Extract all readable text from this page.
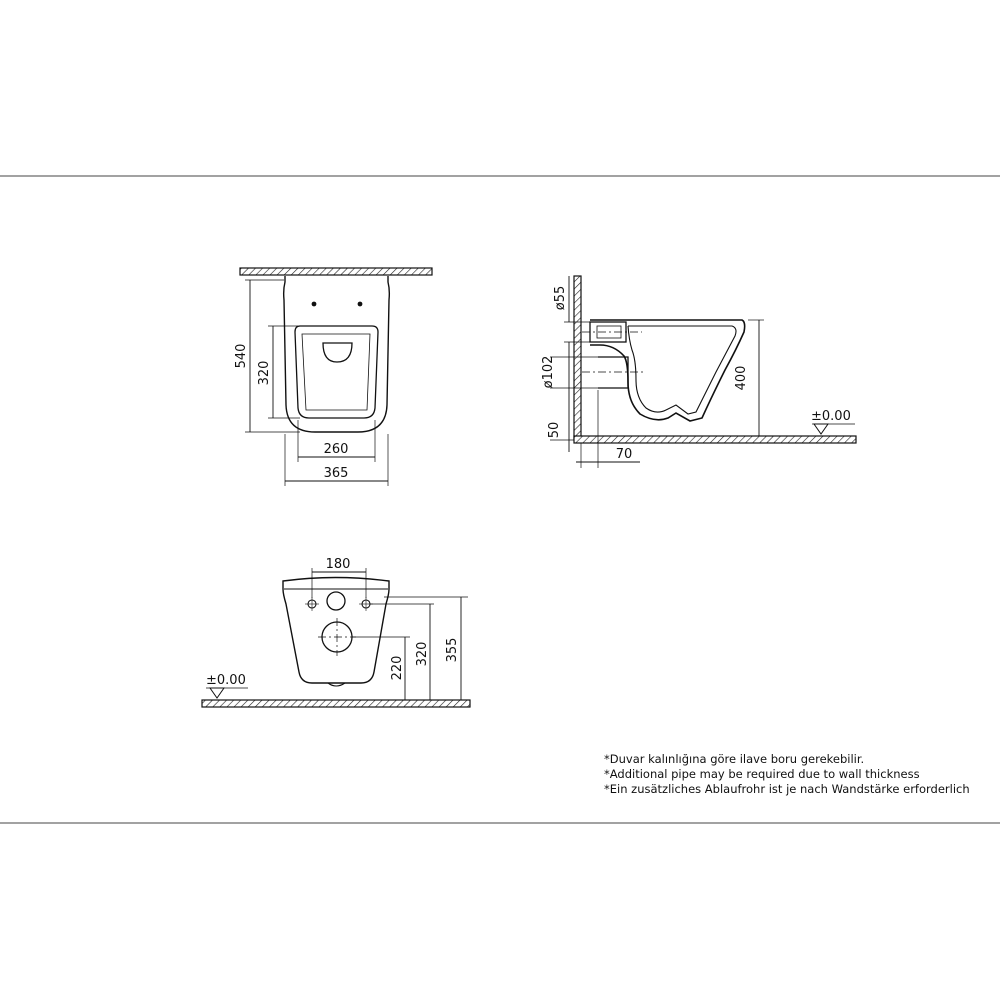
540
320
260
365
ø55
ø102
50
70
400
±0.00
180
220
320 355
±0.00
*Duvar kalınlığına göre ilave boru gerekebilir.
*Additional pipe may be required due to wall thickness
*Ein zusätzliches Ablaufrohr ist je nach Wandstärke erforderlich
